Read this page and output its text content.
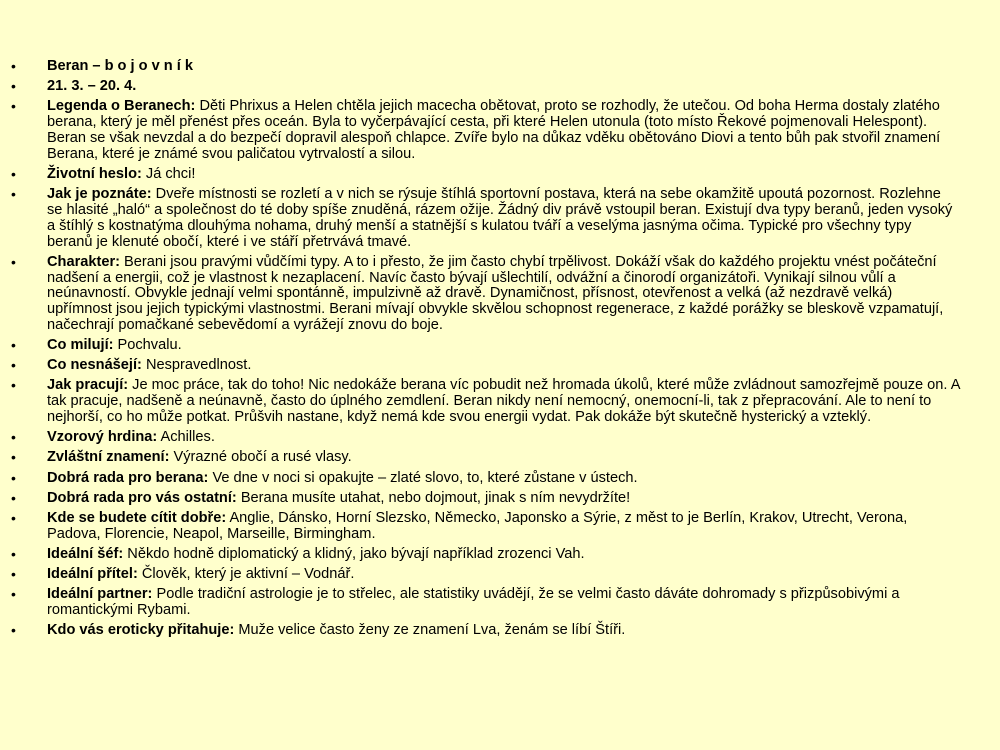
•	Beran – b o j o v n í k
•	21. 3. – 20. 4.
•	Legenda o Beranech: Děti Phrixus a Helen chtěla jejich macecha obětovat, proto se rozhodly, že utečou. Od boha Herma dostaly zlatého berana, který je měl přenést přes oceán. Byla to vyčerpávající cesta, při které Helen utonula (toto místo Řekové pojmenovali Helespont). Beran se však nevzdal a do bezpečí dopravil alespoň chlapce. Zvíře bylo na důkaz vděku obětováno Diovi a tento bůh pak stvořil znamení Berana, které je známé svou paličatou vytrvalostí a silou.
•	Životní heslo: Já chci!
•	Jak je poznáte: Dveře místnosti se rozletí a v nich se rýsuje štíhlá sportovní postava, která na sebe okamžitě upoutá pozornost. Rozlehne se hlasité „haló“ a společnost do té doby spíše znuděná, rázem ožije. Žádný div právě vstoupil beran. Existují dva typy beranů, jeden vysoký a štíhlý s kostnatýma dlouhýma nohama, druhý menší a statnější s kulatou tváří a veselýma jasnýma očima. Typické pro všechny typy beranů je klenuté obočí, které i ve stáří přetrvává tmavé.
•	Charakter: Berani jsou pravými vůdčími typy. A to i přesto, že jim často chybí trpělivost. Dokáží však do každého projektu vnést počáteční nadšení a energii, což je vlastnost k nezaplacení. Navíc často bývají ušlechtilí, odvážní a činorodí organizátoři. Vynikají silnou vůlí a neúnavností. Obvykle jednají velmi spontánně, impulzivně až dravě. Dynamičnost, přísnost, otevřenost a velká (až nezdravě velká) upřímnost jsou jejich typickými vlastnostmi. Berani mívají obvykle skvělou schopnost regenerace, z každé porážky se bleskově vzpamatují, načechrají pomačkané sebevědomí a vyrážejí znovu do boje.
•	Co milují: Pochvalu.
•	Co nesnášejí: Nespravedlnost.
•	Jak pracují: Je moc práce, tak do toho! Nic nedokáže berana víc pobudit než hromada úkolů, které může zvládnout samozřejmě pouze on. A tak pracuje, nadšeně a neúnavně, často do úplného zemdlení. Beran nikdy není nemocný, onemocní-li, tak z přepracování. Ale to není to nejhorší, co ho může potkat. Průšvih nastane, když nemá kde svou energii vydat. Pak dokáže být skutečně hysterický a vzteklý.
•	Vzorový hrdina: Achilles.
•	Zvláštní znamení: Výrazné obočí a rusé vlasy.
•	Dobrá rada pro berana: Ve dne v noci si opakujte – zlaté slovo, to, které zůstane v ústech.
•	Dobrá rada pro vás ostatní: Berana musíte utahat, nebo dojmout, jinak s ním nevydržíte!
•	Kde se budete cítit dobře: Anglie, Dánsko, Horní Slezsko, Německo, Japonsko a Sýrie, z měst to je Berlín, Krakov, Utrecht, Verona, Padova, Florencie, Neapol, Marseille, Birmingham.
•	Ideální šéf: Někdo hodně diplomatický a klidný, jako bývají například zrozenci Vah.
•	Ideální přítel: Člověk, který je aktivní – Vodnář.
•	Ideální partner: Podle tradiční astrologie je to střelec, ale statistiky uvádějí, že se velmi často dáváte dohromady s přizpůsobivými a romantickými Rybami.
•	Kdo vás eroticky přitahuje: Muže velice často ženy ze znamení Lva, ženám se líbí Štíři.
